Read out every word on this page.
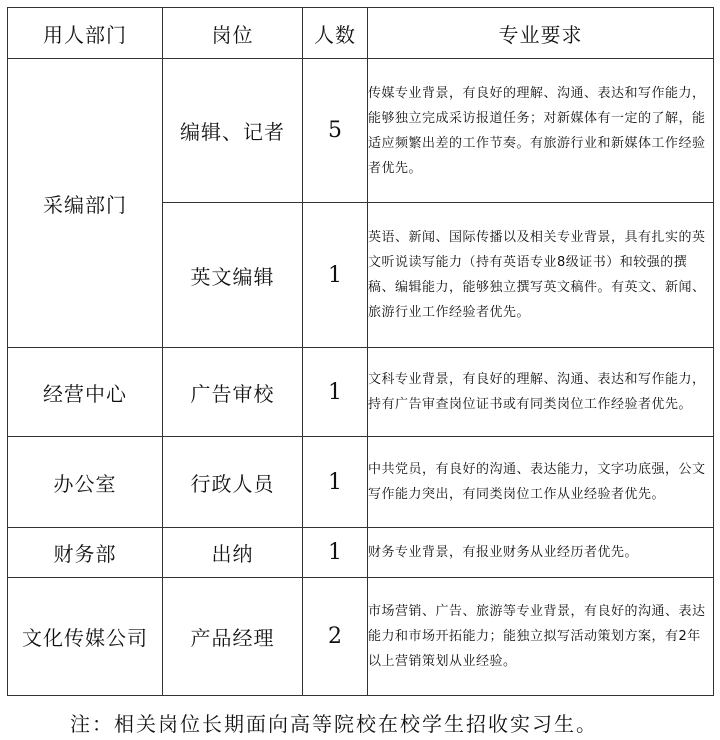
用人部门	岗位	人数	专业要求
采编部门	编辑、记者	5	传媒专业背景，有良好的理解、沟通、表达和写作能力，能够独立完成采访报道任务；对新媒体有一定的了解，能适应频繁出差的工作节奏。有旅游行业和新媒体工作经验者优先。
	英文编辑	1	英语、新闻、国际传播以及相关专业背景，具有扎实的英文听说读写能力（持有英语专业8级证书）和较强的撰稿、编辑能力，能够独立撰写英文稿件。有英文、新闻、旅游行业工作经验者优先。
经营中心	广告审校	1	文科专业背景，有良好的理解、沟通、表达和写作能力，持有广告审查岗位证书或有同类岗位工作经验者优先。
办公室	行政人员	1	中共党员，有良好的沟通、表达能力，文字功底强，公文写作能力突出，有同类岗位工作从业经验者优先。
财务部	出纳	1	财务专业背景，有报业财务从业经历者优先。
文化传媒公司	产品经理	2	市场营销、广告、旅游等专业背景，有良好的沟通、表达能力和市场开拓能力；能独立拟写活动策划方案，有2年以上营销策划从业经验。
注：相关岗位长期面向高等院校在校学生招收实习生。
